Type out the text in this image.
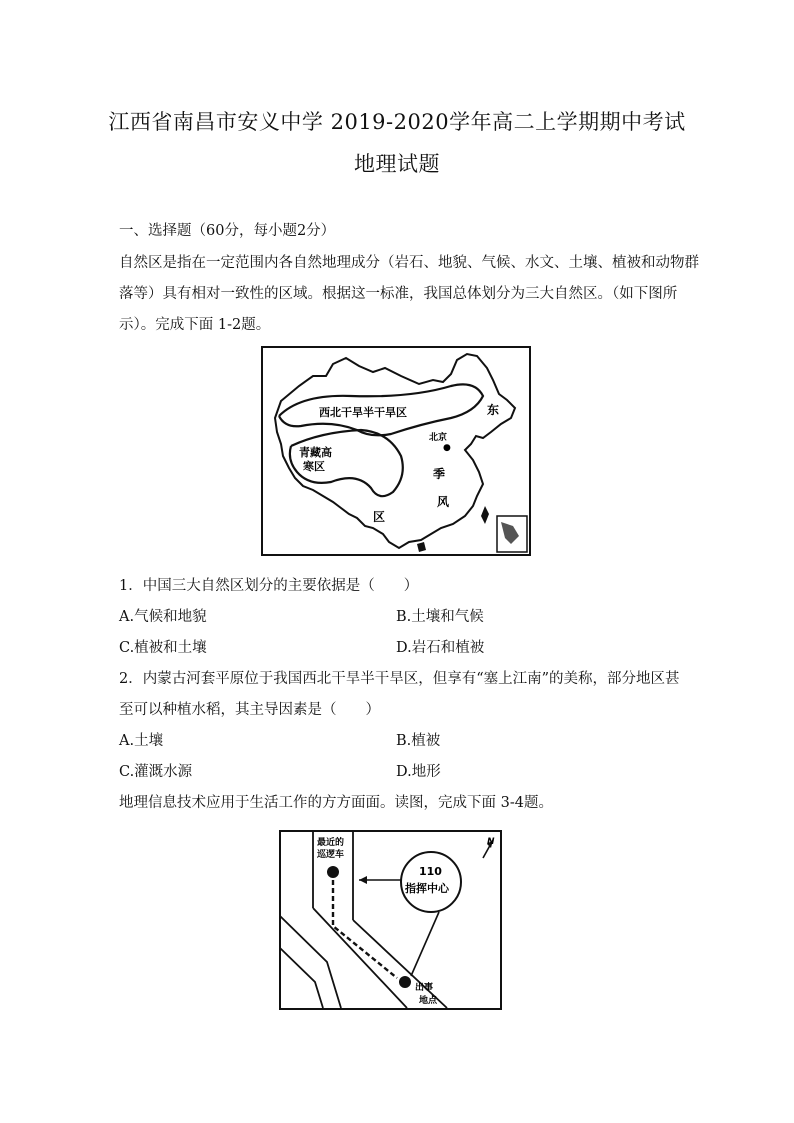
江西省南昌市安义中学 2019-2020学年高二上学期期中考试
地理试题
一、选择题（60分，每小题2分）
自然区是指在一定范围内各自然地理成分（岩石、地貌、气候、水文、土壤、植被和动物群
落等）具有相对一致性的区域。根据这一标准，我国总体划分为三大自然区。（如下图所
示）。完成下面 1-2题。
西北干旱半干旱区
青藏高
寒区
北京
●
东
季
风
区
1．中国三大自然区划分的主要依据是（　　）
A.气候和地貌	B.土壤和气候
C.植被和土壤	D.岩石和植被
2．内蒙古河套平原位于我国西北干旱半干旱区，但享有“塞上江南”的美称，部分地区甚
至可以种植水稻，其主导因素是（　　）
A.土壤	B.植被
C.灌溉水源	D.地形
地理信息技术应用于生活工作的方方面面。读图，完成下面 3-4题。
110
指挥中心
最近的
巡逻车
出事
地点
N
